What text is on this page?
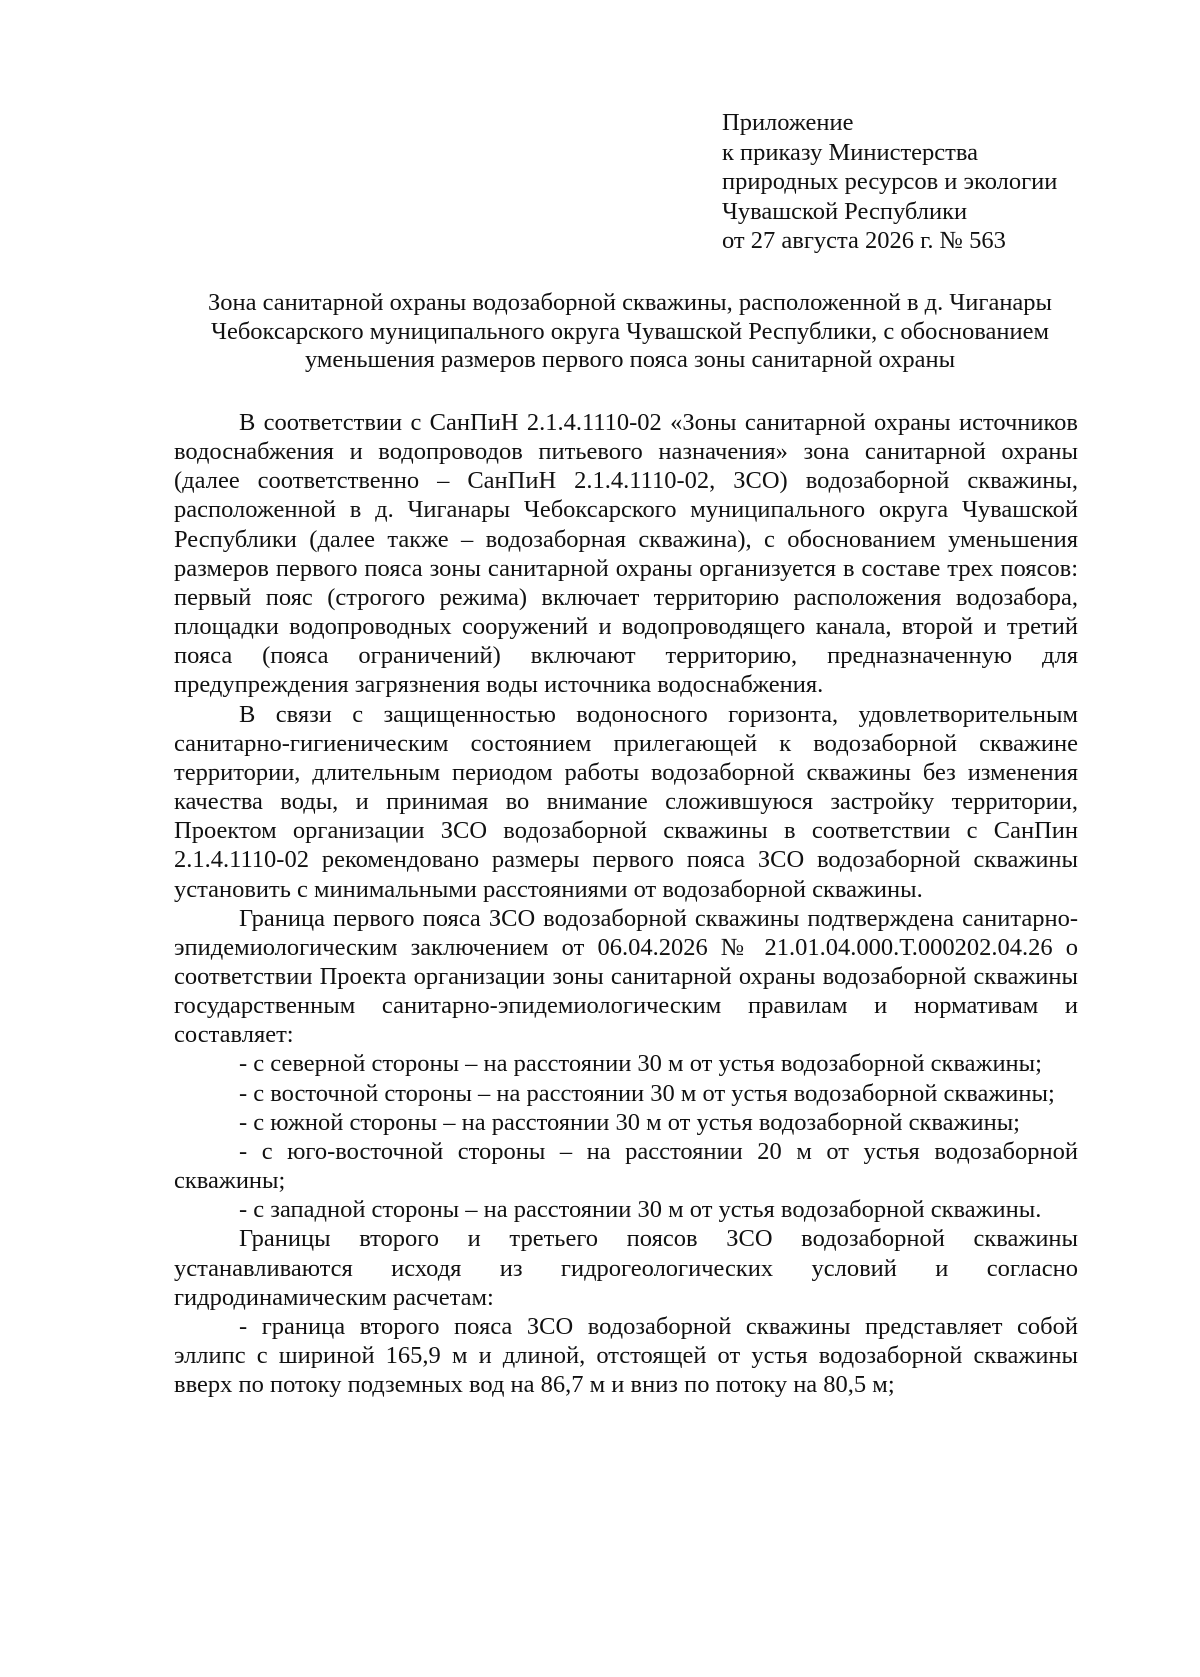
Приложение
к приказу Министерства
природных ресурсов и экологии
Чувашской Республики
от 27 августа 2026 г. № 563
Зона санитарной охраны водозаборной скважины, расположенной в д. Чиганары
Чебоксарского муниципального округа Чувашской Республики, с обоснованием
уменьшения размеров первого пояса зоны санитарной охраны

В соответствии с СанПиН 2.1.4.1110-02 «Зоны санитарной охраны источников водоснабжения и водопроводов питьевого назначения» зона санитарной охраны (далее соответственно – СанПиН 2.1.4.1110-02, ЗСО) водозаборной скважины, расположенной в д. Чиганары Чебоксарского муниципального округа Чувашской Республики (далее также – водозаборная скважина), с обоснованием уменьшения размеров первого пояса зоны санитарной охраны организуется в составе трех поясов: первый пояс (строгого режима) включает территорию расположения водозабора, площадки водопроводных сооружений и водопроводящего канала, второй и третий пояса (пояса ограничений) включают территорию, предназначенную для предупреждения загрязнения воды источника водоснабжения.

В связи с защищенностью водоносного горизонта, удовлетворительным санитарно-гигиеническим состоянием прилегающей к водозаборной скважине территории, длительным периодом работы водозаборной скважины без изменения качества воды, и принимая во внимание сложившуюся застройку территории, Проектом организации ЗСО водозаборной скважины в соответствии с СанПин 2.1.4.1110-02 рекомендовано размеры первого пояса ЗСО водозаборной скважины установить с минимальными расстояниями от водозаборной скважины.

Граница первого пояса ЗСО водозаборной скважины подтверждена санитарно-эпидемиологическим заключением от 06.04.2026 № 21.01.04.000.Т.000202.04.26 о соответствии Проекта организации зоны санитарной охраны водозаборной скважины государственным санитарно-эпидемиологическим правилам и нормативам и составляет:

- с северной стороны – на расстоянии 30 м от устья водозаборной скважины;

- с восточной стороны – на расстоянии 30 м от устья водозаборной скважины;

- с южной стороны – на расстоянии 30 м от устья водозаборной скважины;

- с юго-восточной стороны – на расстоянии 20 м от устья водозаборной скважины;

- с западной стороны – на расстоянии 30 м от устья водозаборной скважины.

Границы второго и третьего поясов ЗСО водозаборной скважины устанавливаются исходя из гидрогеологических условий и согласно гидродинамическим расчетам:

- граница второго пояса ЗСО водозаборной скважины представляет собой эллипс с шириной 165,9 м и длиной, отстоящей от устья водозаборной скважины вверх по потоку подземных вод на 86,7 м и вниз по потоку на 80,5 м;
